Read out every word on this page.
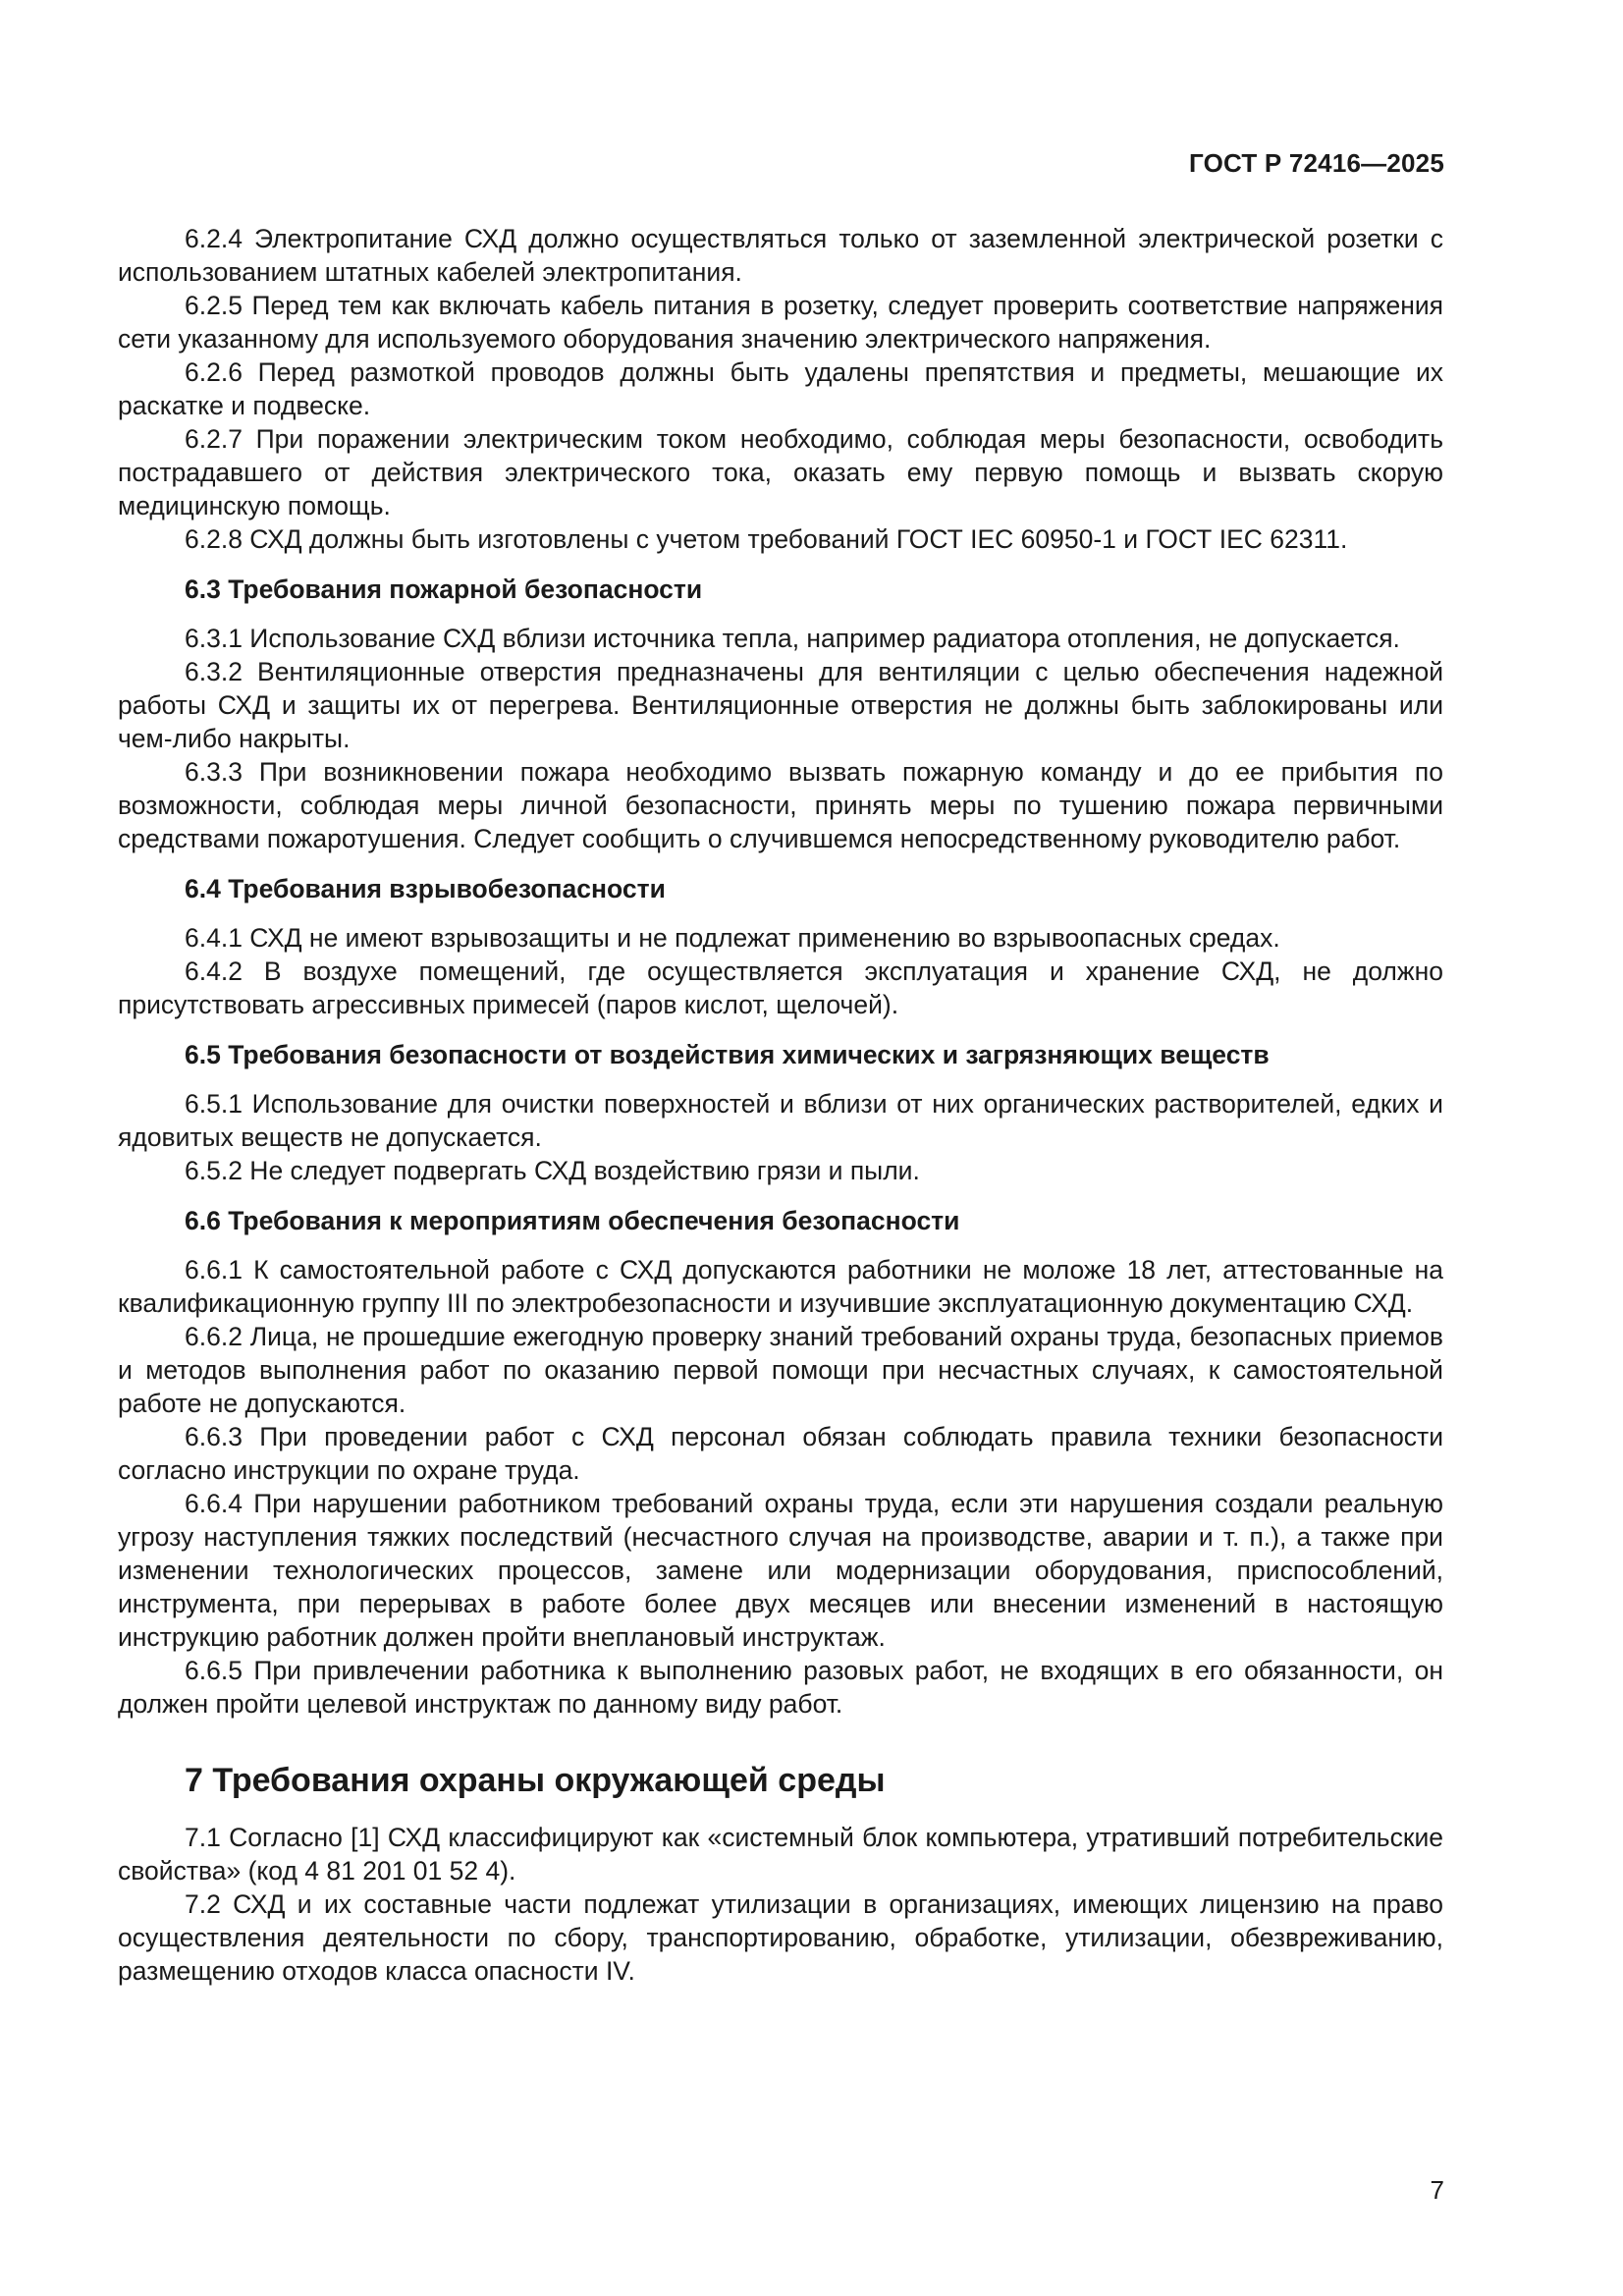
ГОСТ Р 72416—2025

6.2.4 Электропитание СХД должно осуществляться только от заземленной электрической розетки с использованием штатных кабелей электропитания.

6.2.5 Перед тем как включать кабель питания в розетку, следует проверить соответствие напряжения сети указанному для используемого оборудования значению электрического напряжения.

6.2.6 Перед размоткой проводов должны быть удалены препятствия и предметы, мешающие их раскатке и подвеске.

6.2.7 При поражении электрическим током необходимо, соблюдая меры безопасности, освободить пострадавшего от действия электрического тока, оказать ему первую помощь и вызвать скорую медицинскую помощь.

6.2.8 СХД должны быть изготовлены с учетом требований ГОСТ IEC 60950-1 и ГОСТ IEC 62311.

6.3 Требования пожарной безопасности

6.3.1 Использование СХД вблизи источника тепла, например радиатора отопления, не допускается.

6.3.2 Вентиляционные отверстия предназначены для вентиляции с целью обеспечения надежной работы СХД и защиты их от перегрева. Вентиляционные отверстия не должны быть заблокированы или чем-либо накрыты.

6.3.3 При возникновении пожара необходимо вызвать пожарную команду и до ее прибытия по возможности, соблюдая меры личной безопасности, принять меры по тушению пожара первичными средствами пожаротушения. Следует сообщить о случившемся непосредственному руководителю работ.

6.4 Требования взрывобезопасности

6.4.1 СХД не имеют взрывозащиты и не подлежат применению во взрывоопасных средах.

6.4.2 В воздухе помещений, где осуществляется эксплуатация и хранение СХД, не должно присутствовать агрессивных примесей (паров кислот, щелочей).

6.5 Требования безопасности от воздействия химических и загрязняющих веществ

6.5.1 Использование для очистки поверхностей и вблизи от них органических растворителей, едких и ядовитых веществ не допускается.

6.5.2 Не следует подвергать СХД воздействию грязи и пыли.

6.6 Требования к мероприятиям обеспечения безопасности

6.6.1 К самостоятельной работе с СХД допускаются работники не моложе 18 лет, аттестованные на квалификационную группу III по электробезопасности и изучившие эксплуатационную документацию СХД.

6.6.2 Лица, не прошедшие ежегодную проверку знаний требований охраны труда, безопасных приемов и методов выполнения работ по оказанию первой помощи при несчастных случаях, к самостоятельной работе не допускаются.

6.6.3 При проведении работ с СХД персонал обязан соблюдать правила техники безопасности согласно инструкции по охране труда.

6.6.4 При нарушении работником требований охраны труда, если эти нарушения создали реальную угрозу наступления тяжких последствий (несчастного случая на производстве, аварии и т. п.), а также при изменении технологических процессов, замене или модернизации оборудования, приспособлений, инструмента, при перерывах в работе более двух месяцев или внесении изменений в настоящую инструкцию работник должен пройти внеплановый инструктаж.

6.6.5 При привлечении работника к выполнению разовых работ, не входящих в его обязанности, он должен пройти целевой инструктаж по данному виду работ.

7 Требования охраны окружающей среды

7.1 Согласно [1] СХД классифицируют как «системный блок компьютера, утративший потребительские свойства» (код 4 81 201 01 52 4).

7.2 СХД и их составные части подлежат утилизации в организациях, имеющих лицензию на право осуществления деятельности по сбору, транспортированию, обработке, утилизации, обезвреживанию, размещению отходов класса опасности IV.

7
